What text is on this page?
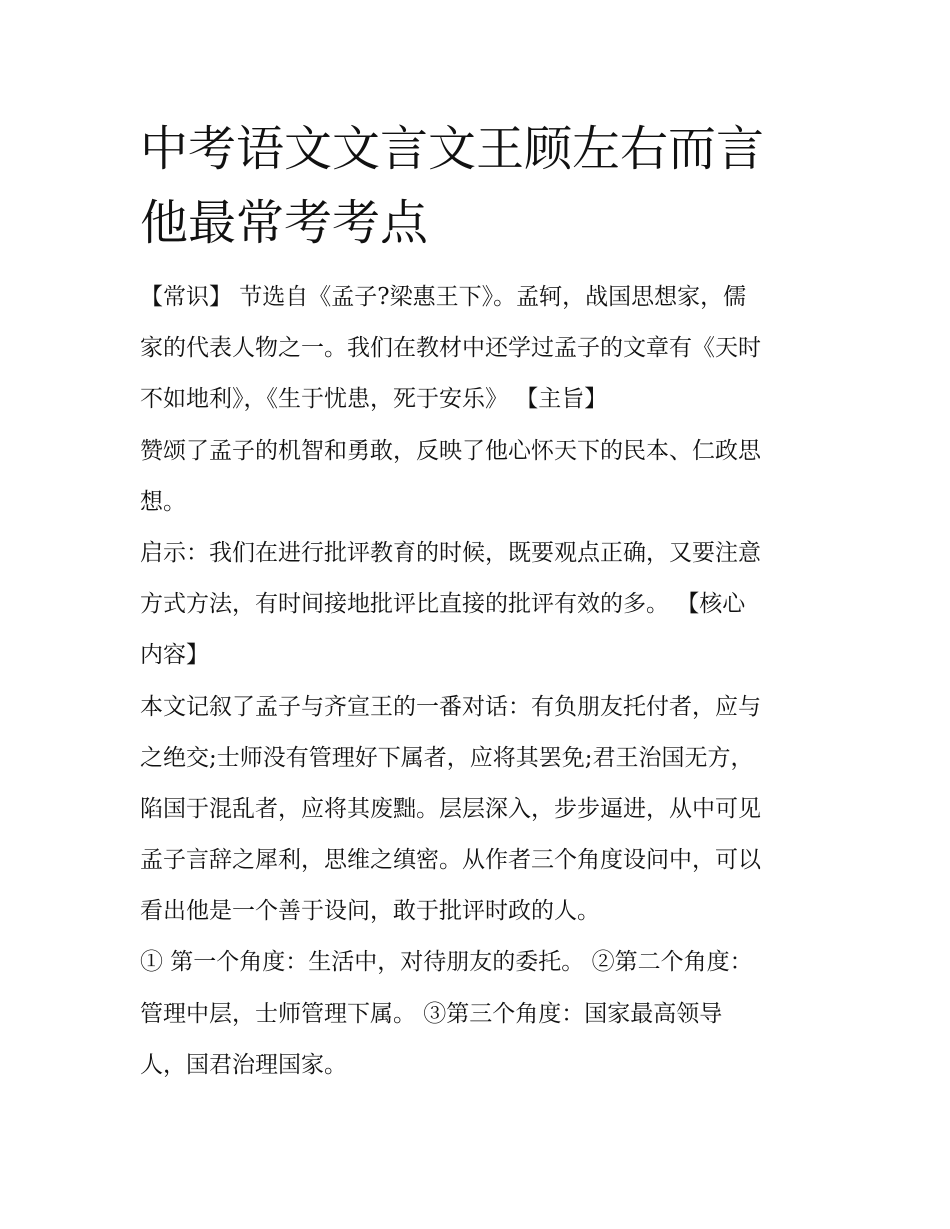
中考语文文言文王顾左右而言
他最常考考点
【常识】 节选自《孟子?梁惠王下》。孟轲，战国思想家，儒
家的代表人物之一。我们在教材中还学过孟子的文章有《天时
不如地利》，《生于忧患，死于安乐》 【主旨】
赞颂了孟子的机智和勇敢，反映了他心怀天下的民本、仁政思
想。
启示：我们在进行批评教育的时候，既要观点正确，又要注意
方式方法，有时间接地批评比直接的批评有效的多。 【核心
内容】
本文记叙了孟子与齐宣王的一番对话：有负朋友托付者，应与
之绝交;士师没有管理好下属者，应将其罢免;君王治国无方，
陷国于混乱者，应将其废黜。层层深入，步步逼进，从中可见
孟子言辞之犀利，思维之缜密。从作者三个角度设问中，可以
看出他是一个善于设问，敢于批评时政的人。
① 第一个角度：生活中，对待朋友的委托。 ②第二个角度：
管理中层，士师管理下属。 ③第三个角度：国家最高领导
人，国君治理国家。
